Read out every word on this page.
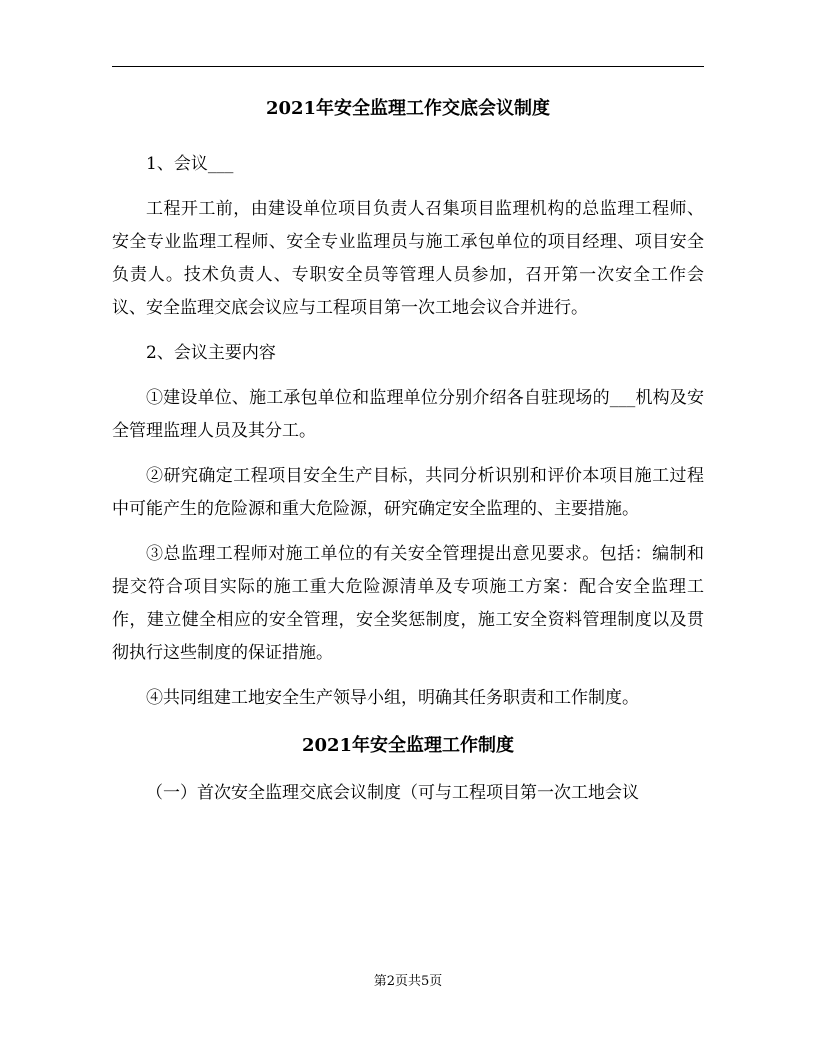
2021年安全监理工作交底会议制度

1、会议___

工程开工前，由建设单位项目负责人召集项目监理机构的总监理工程师、安全专业监理工程师、安全专业监理员与施工承包单位的项目经理、项目安全负责人。技术负责人、专职安全员等管理人员参加，召开第一次安全工作会议、安全监理交底会议应与工程项目第一次工地会议合并进行。

2、会议主要内容

①建设单位、施工承包单位和监理单位分别介绍各自驻现场的___机构及安全管理监理人员及其分工。

②研究确定工程项目安全生产目标，共同分析识别和评价本项目施工过程中可能产生的危险源和重大危险源，研究确定安全监理的、主要措施。

③总监理工程师对施工单位的有关安全管理提出意见要求。包括：编制和提交符合项目实际的施工重大危险源清单及专项施工方案：配合安全监理工作，建立健全相应的安全管理，安全奖惩制度，施工安全资料管理制度以及贯彻执行这些制度的保证措施。

④共同组建工地安全生产领导小组，明确其任务职责和工作制度。

2021年安全监理工作制度

（一）首次安全监理交底会议制度（可与工程项目第一次工地会议

第2页共5页
